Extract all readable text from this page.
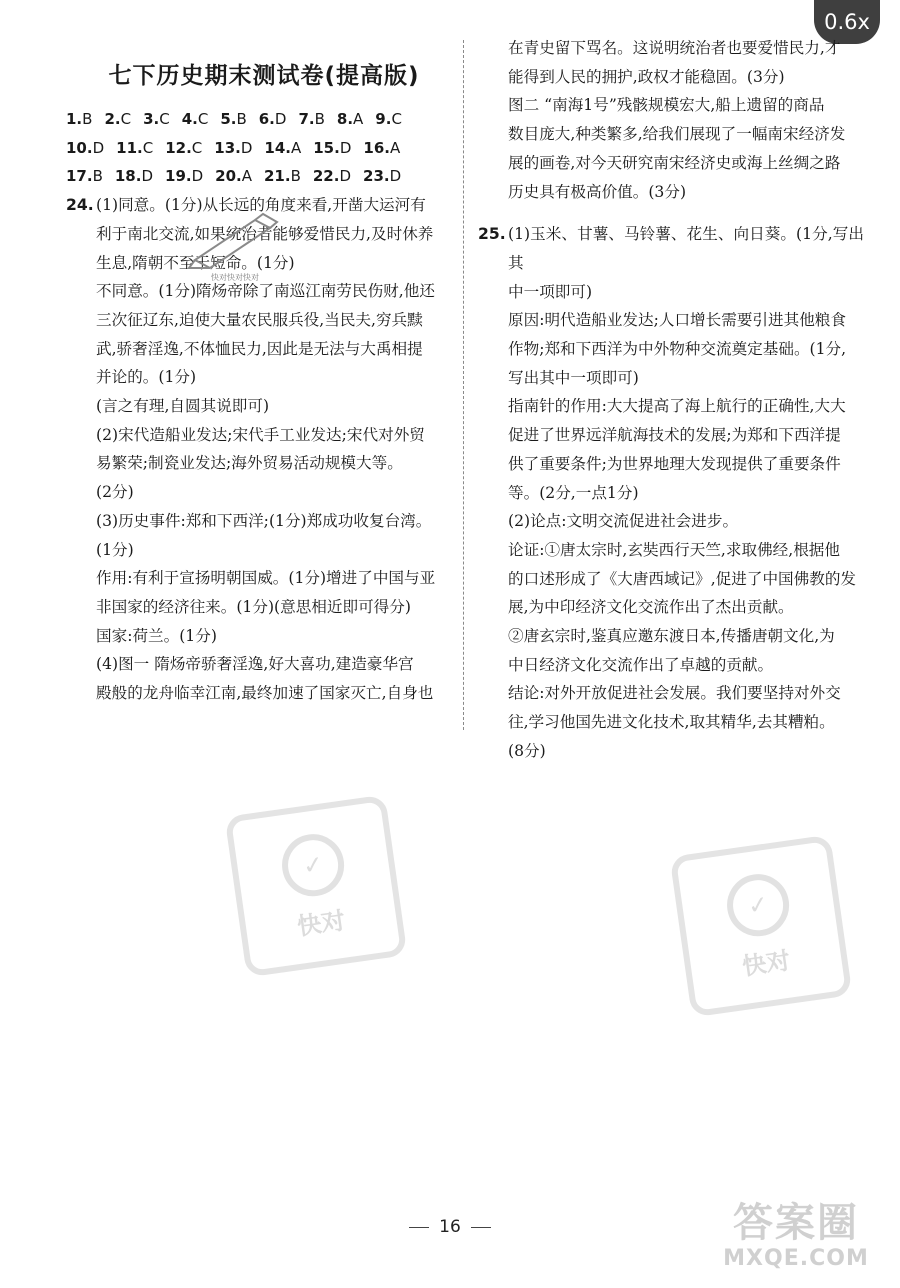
0.6x
七下历史期末测试卷(提高版)
1.B 2.C 3.C 4.C 5.B 6.D 7.B 8.A 9.C
10.D 11.C 12.C 13.D 14.A 15.D 16.A
17.B 18.D 19.D 20.A 21.B 22.D 23.D
24. (1)同意。(1分)从长远的角度来看,开凿大运河有
利于南北交流,如果统治者能够爱惜民力,及时休养
生息,隋朝不至于短命。(1分)
不同意。(1分)隋炀帝除了南巡江南劳民伤财,他还
三次征辽东,迫使大量农民服兵役,当民夫,穷兵黩
武,骄奢淫逸,不体恤民力,因此是无法与大禹相提
并论的。(1分)
(言之有理,自圆其说即可)
(2)宋代造船业发达;宋代手工业发达;宋代对外贸
易繁荣;制瓷业发达;海外贸易活动规模大等。
(2分)
(3)历史事件:郑和下西洋;(1分)郑成功收复台湾。
(1分)
作用:有利于宣扬明朝国威。(1分)增进了中国与亚
非国家的经济往来。(1分)(意思相近即可得分)
国家:荷兰。(1分)
(4)图一 隋炀帝骄奢淫逸,好大喜功,建造豪华宫
殿般的龙舟临幸江南,最终加速了国家灭亡,自身也
在青史留下骂名。这说明统治者也要爱惜民力,才
能得到人民的拥护,政权才能稳固。(3分)
图二 “南海1号”残骸规模宏大,船上遗留的商品
数目庞大,种类繁多,给我们展现了一幅南宋经济发
展的画卷,对今天研究南宋经济史或海上丝绸之路
历史具有极高价值。(3分)
25. (1)玉米、甘薯、马铃薯、花生、向日葵。(1分,写出其
中一项即可)
原因:明代造船业发达;人口增长需要引进其他粮食
作物;郑和下西洋为中外物种交流奠定基础。(1分,
写出其中一项即可)
指南针的作用:大大提高了海上航行的正确性,大大
促进了世界远洋航海技术的发展;为郑和下西洋提
供了重要条件;为世界地理大发现提供了重要条件
等。(2分,一点1分)
(2)论点:文明交流促进社会进步。
论证:①唐太宗时,玄奘西行天竺,求取佛经,根据他
的口述形成了《大唐西域记》,促进了中国佛教的发
展,为中印经济文化交流作出了杰出贡献。
②唐玄宗时,鉴真应邀东渡日本,传播唐朝文化,为
中日经济文化交流作出了卓越的贡献。
结论:对外开放促进社会发展。我们要坚持对外交
往,学习他国先进文化技术,取其精华,去其糟粕。
(8分)
快对快对快对
✓
快对
✓
快对
16	答案圈
MXQE.COM
